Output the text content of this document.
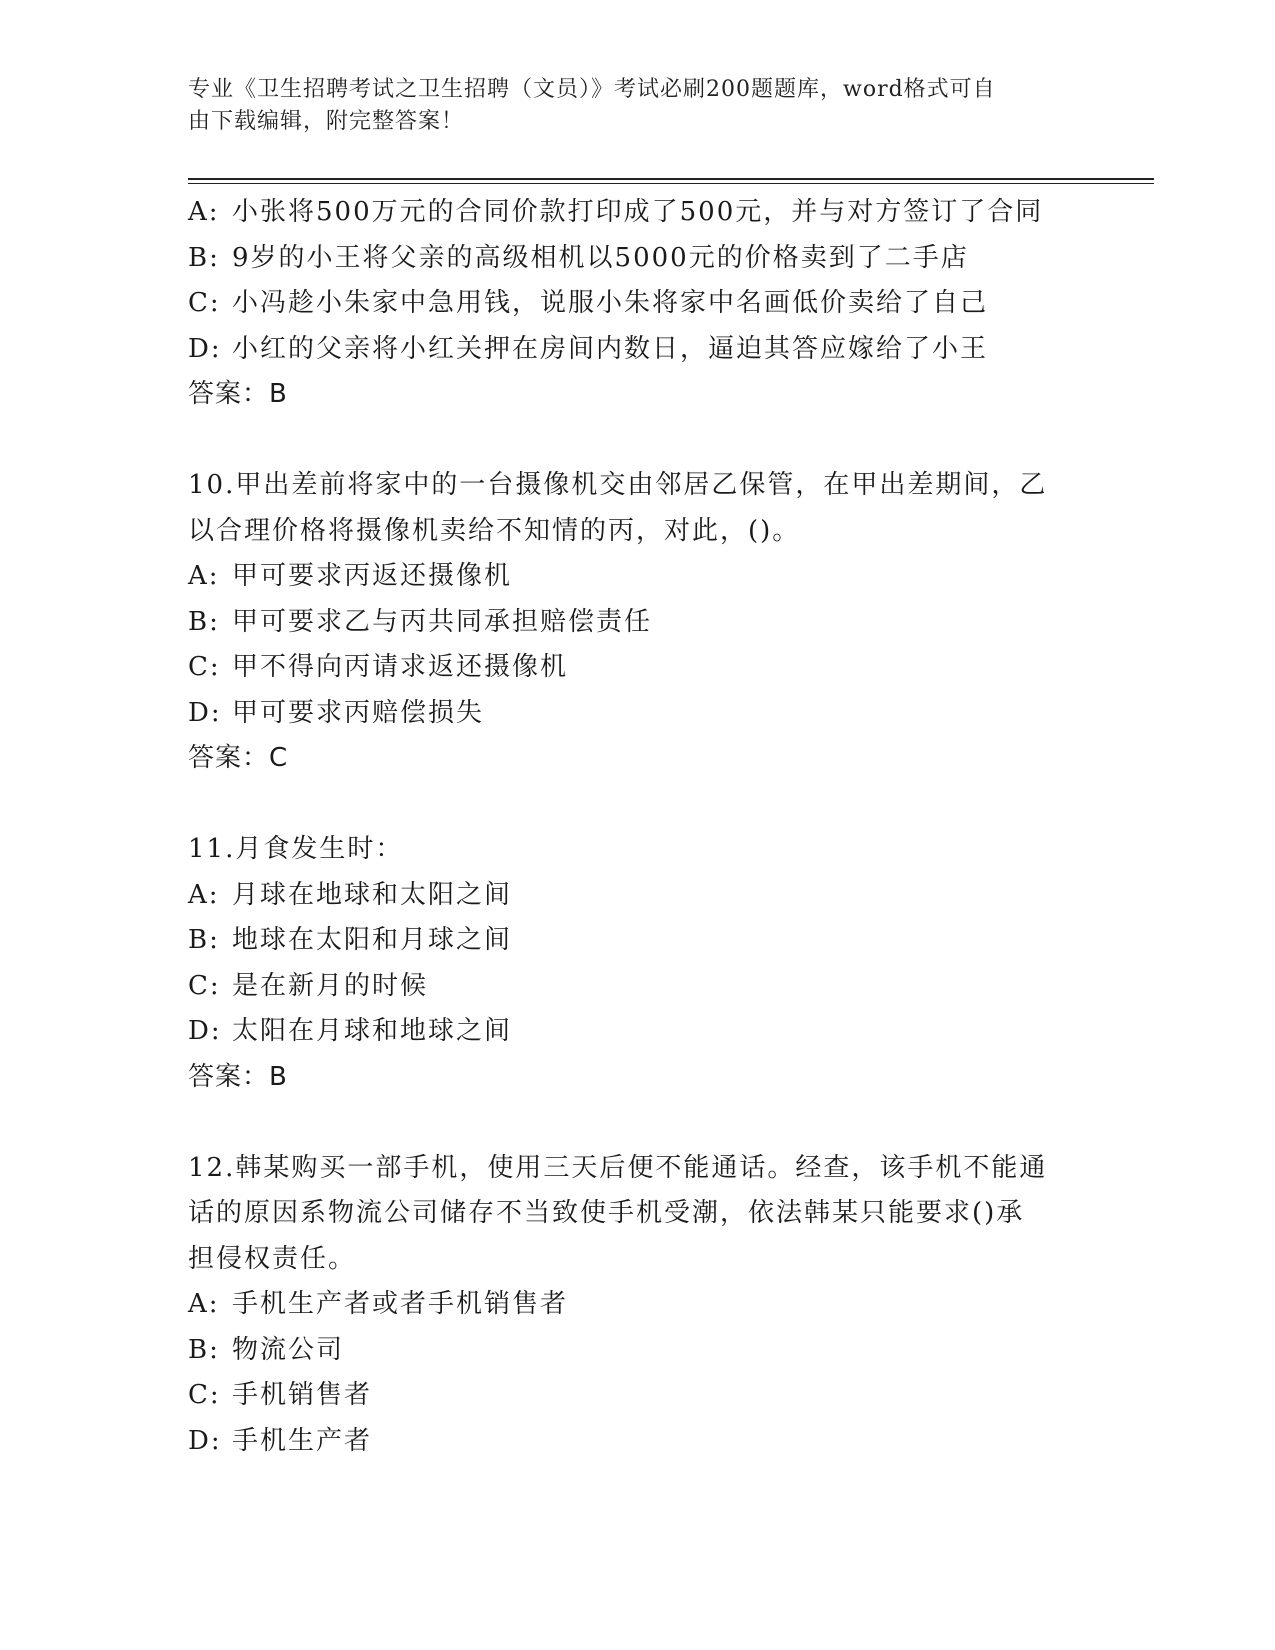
专业《卫生招聘考试之卫生招聘（文员）》考试必刷200题题库，word格式可自
由下载编辑，附完整答案！
A: 小张将500万元的合同价款打印成了500元，并与对方签订了合同
B: 9岁的小王将父亲的高级相机以5000元的价格卖到了二手店
C: 小冯趁小朱家中急用钱，说服小朱将家中名画低价卖给了自己
D: 小红的父亲将小红关押在房间内数日，逼迫其答应嫁给了小王
答案：B
10.甲出差前将家中的一台摄像机交由邻居乙保管，在甲出差期间，乙
以合理价格将摄像机卖给不知情的丙，对此，()。
A: 甲可要求丙返还摄像机
B: 甲可要求乙与丙共同承担赔偿责任
C: 甲不得向丙请求返还摄像机
D: 甲可要求丙赔偿损失
答案：C
11.月食发生时：
A: 月球在地球和太阳之间
B: 地球在太阳和月球之间
C: 是在新月的时候
D: 太阳在月球和地球之间
答案：B
12.韩某购买一部手机，使用三天后便不能通话。经查，该手机不能通
话的原因系物流公司储存不当致使手机受潮，依法韩某只能要求()承
担侵权责任。
A: 手机生产者或者手机销售者
B: 物流公司
C: 手机销售者
D: 手机生产者
